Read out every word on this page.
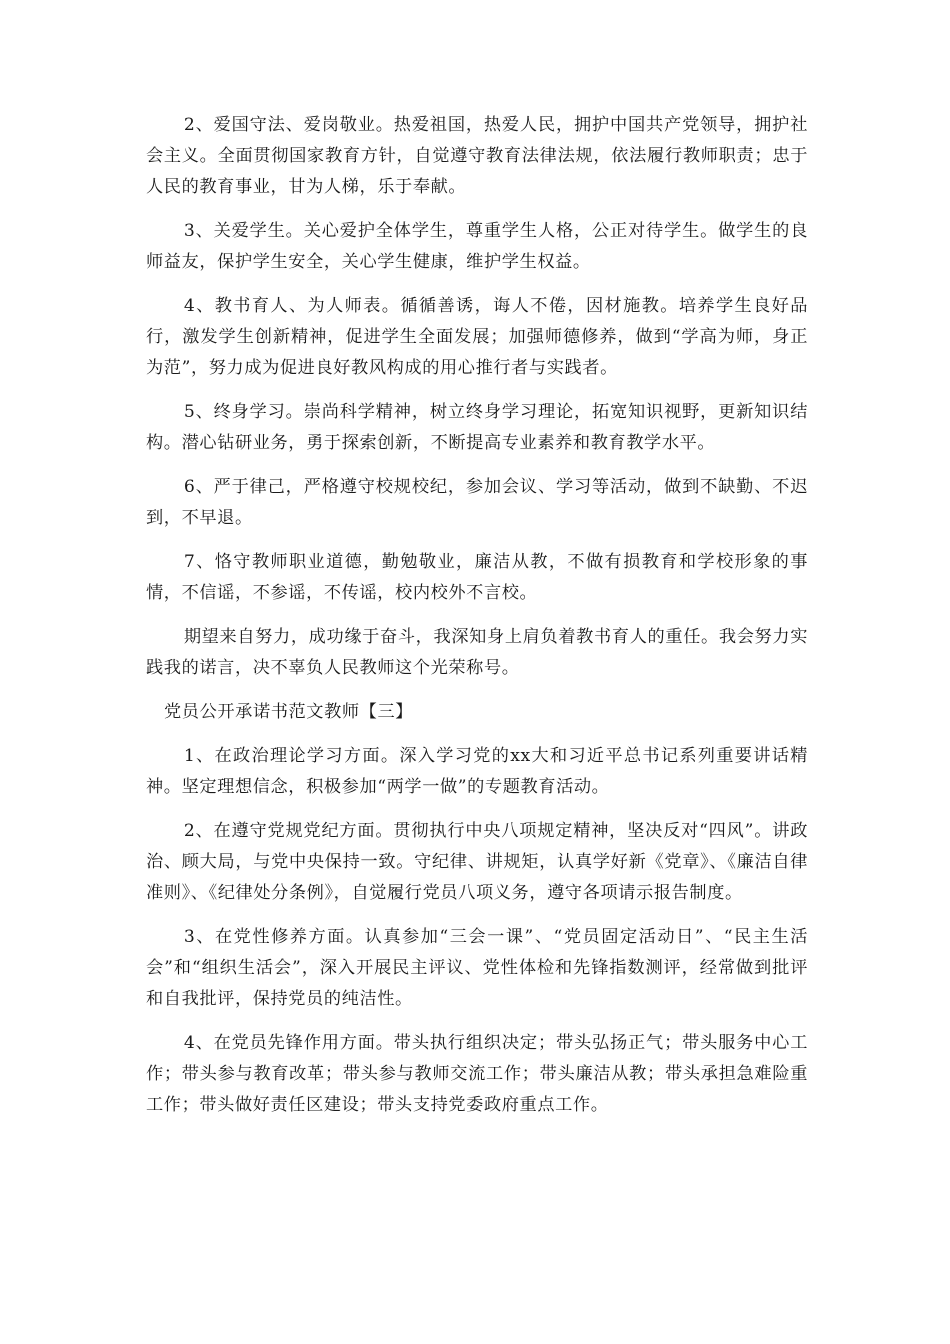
2、爱国守法、爱岗敬业。热爱祖国，热爱人民，拥护中国共产党领导，拥护社会主义。全面贯彻国家教育方针，自觉遵守教育法律法规，依法履行教师职责；忠于人民的教育事业，甘为人梯，乐于奉献。

3、关爱学生。关心爱护全体学生，尊重学生人格，公正对待学生。做学生的良师益友，保护学生安全，关心学生健康，维护学生权益。

4、教书育人、为人师表。循循善诱，诲人不倦，因材施教。培养学生良好品行，激发学生创新精神，促进学生全面发展；加强师德修养，做到“学高为师，身正为范”，努力成为促进良好教风构成的用心推行者与实践者。

5、终身学习。崇尚科学精神，树立终身学习理论，拓宽知识视野，更新知识结构。潜心钻研业务，勇于探索创新，不断提高专业素养和教育教学水平。

6、严于律己，严格遵守校规校纪，参加会议、学习等活动，做到不缺勤、不迟到，不早退。

7、恪守教师职业道德，勤勉敬业，廉洁从教，不做有损教育和学校形象的事情，不信谣，不参谣，不传谣，校内校外不言校。

期望来自努力，成功缘于奋斗，我深知身上肩负着教书育人的重任。我会努力实践我的诺言，决不辜负人民教师这个光荣称号。

党员公开承诺书范文教师【三】

1、在政治理论学习方面。深入学习党的xx大和习近平总书记系列重要讲话精神。坚定理想信念，积极参加“两学一做”的专题教育活动。

2、在遵守党规党纪方面。贯彻执行中央八项规定精神，坚决反对“四风”。讲政治、顾大局，与党中央保持一致。守纪律、讲规矩，认真学好新《党章》、《廉洁自律准则》、《纪律处分条例》，自觉履行党员八项义务，遵守各项请示报告制度。

3、在党性修养方面。认真参加“三会一课”、“党员固定活动日”、“民主生活会”和“组织生活会”，深入开展民主评议、党性体检和先锋指数测评，经常做到批评和自我批评，保持党员的纯洁性。

4、在党员先锋作用方面。带头执行组织决定；带头弘扬正气；带头服务中心工作；带头参与教育改革；带头参与教师交流工作；带头廉洁从教；带头承担急难险重工作；带头做好责任区建设；带头支持党委政府重点工作。
